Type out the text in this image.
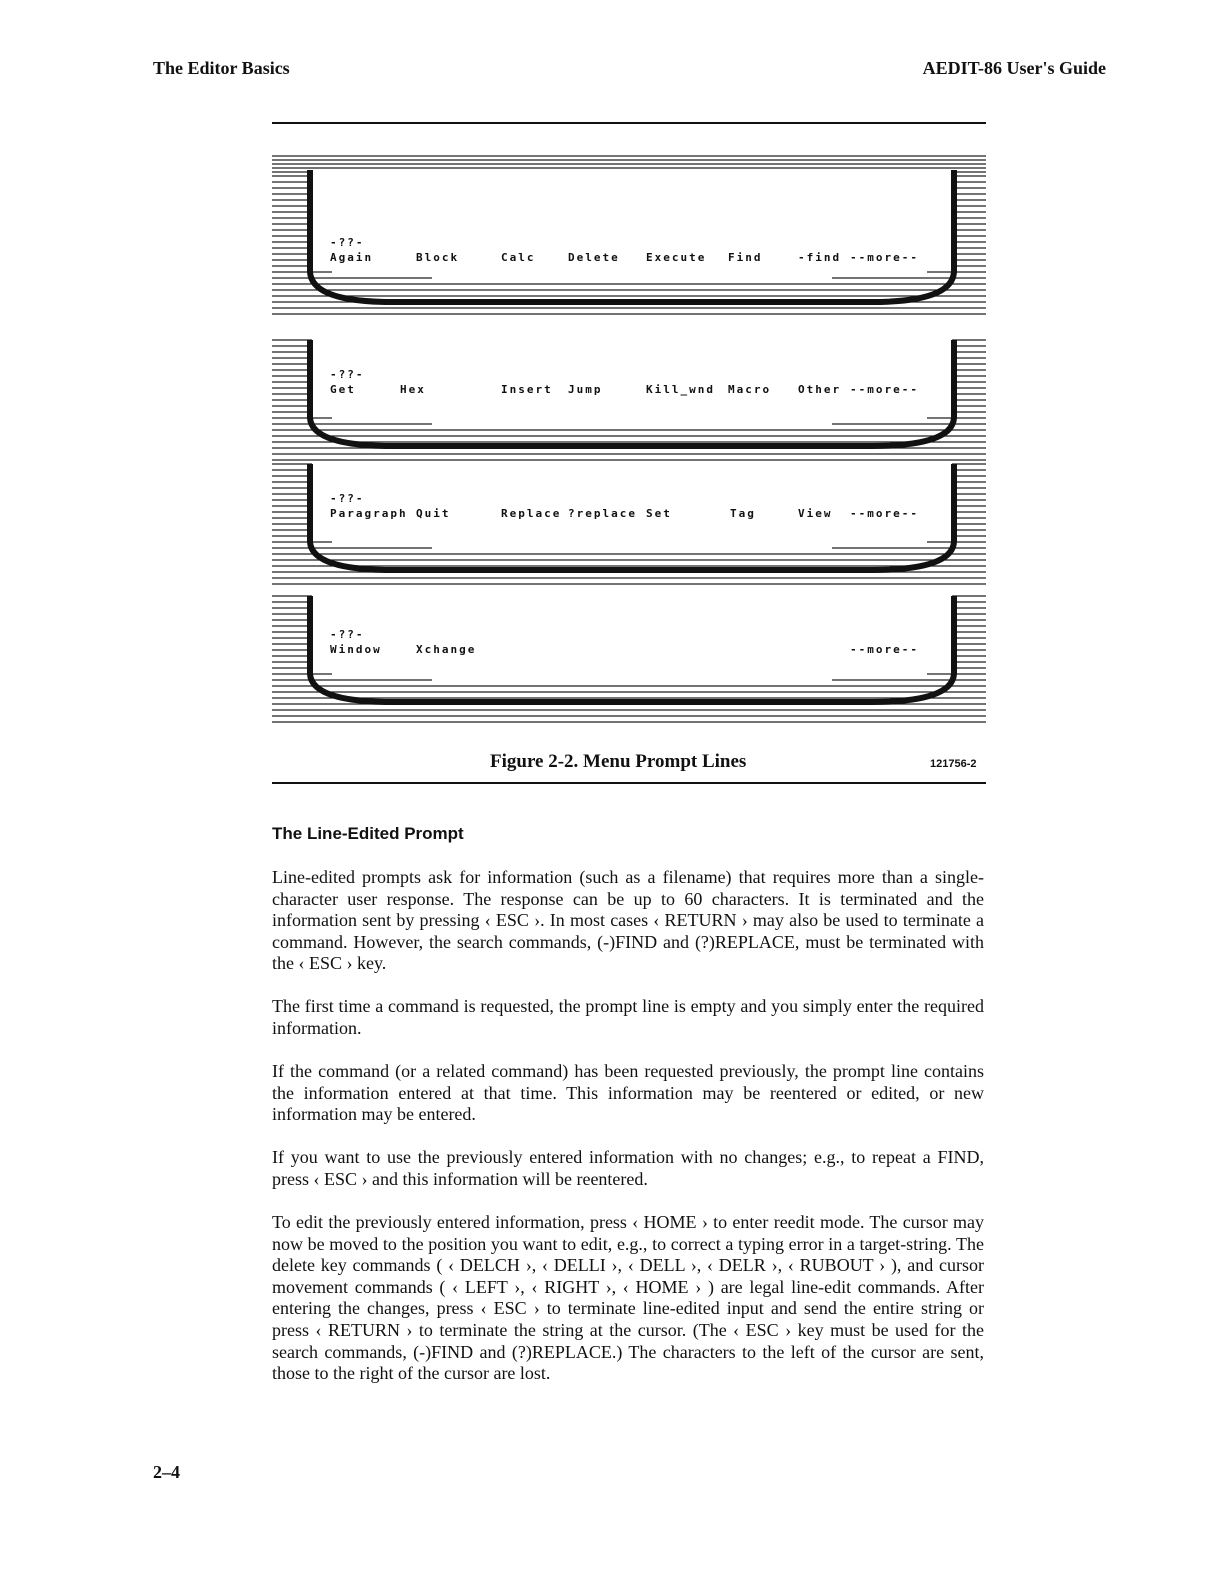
The Editor Basics	AEDIT-86 User's Guide
-??-
Again	Block	Calc	Delete Execute Find	-find --more--
-??-
Get	Hex	Insert Jump	Kill_wnd Macro Other --more--
-??-
Paragraph Quit	Replace ?replace Set	Tag	View --more--
-??-
Window	Xchange	--more--
Figure 2-2. Menu Prompt Lines	121756-2
The Line-Edited Prompt

Line-edited prompts ask for information (such as a filename) that requires more than a single-character user response. The response can be up to 60 characters. It is terminated and the information sent by pressing ‹ ESC ›. In most cases ‹ RETURN › may also be used to terminate a command. However, the search commands, (-)FIND and (?)REPLACE, must be terminated with the ‹ ESC › key.

The first time a command is requested, the prompt line is empty and you simply enter the required information.

If the command (or a related command) has been requested previously, the prompt line contains the information entered at that time. This information may be reentered or edited, or new information may be entered.

If you want to use the previously entered information with no changes; e.g., to repeat a FIND, press ‹ ESC › and this information will be reentered.

To edit the previously entered information, press ‹ HOME › to enter reedit mode. The cursor may now be moved to the position you want to edit, e.g., to correct a typing error in a target-string. The delete key commands ( ‹ DELCH ›, ‹ DELLI ›, ‹ DELL ›, ‹ DELR ›, ‹ RUBOUT › ), and cursor movement commands ( ‹ LEFT ›, ‹ RIGHT ›, ‹ HOME › ) are legal line-edit commands. After entering the changes, press ‹ ESC › to terminate line-edited input and send the entire string or press ‹ RETURN › to terminate the string at the cursor. (The ‹ ESC › key must be used for the search commands, (-)FIND and (?)REPLACE.) The characters to the left of the cursor are sent, those to the right of the cursor are lost.

2–4
